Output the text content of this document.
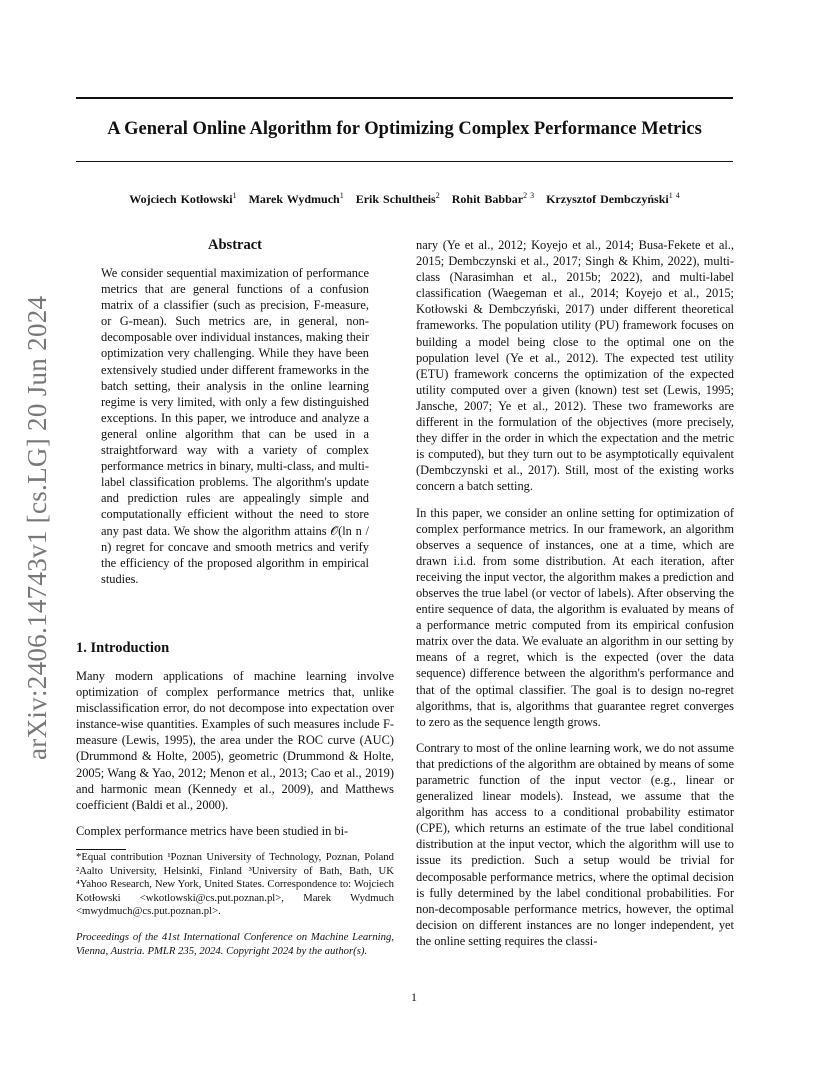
A General Online Algorithm for Optimizing Complex Performance Metrics
Wojciech Kotłowski$^1$ Marek Wydmuch$^1$ Erik Schultheis$^2$ Rohit Babbar$^{2 3}$ Krzysztof Dembczyński$^{1 4}$
arXiv:2406.14743v1 [cs.LG] 20 Jun 2024
Abstract
We consider sequential maximization of performance metrics that are general functions of a confusion matrix of a classifier (such as precision, F-measure, or G-mean). Such metrics are, in general, non-decomposable over individual instances, making their optimization very challenging. While they have been extensively studied under different frameworks in the batch setting, their analysis in the online learning regime is very limited, with only a few distinguished exceptions. In this paper, we introduce and analyze a general online algorithm that can be used in a straightforward way with a variety of complex performance metrics in binary, multi-class, and multi-label classification problems. The algorithm's update and prediction rules are appealingly simple and computationally efficient without the need to store any past data. We show the algorithm attains 𝒪(ln n / n) regret for concave and smooth metrics and verify the efficiency of the proposed algorithm in empirical studies.
1. Introduction

Many modern applications of machine learning involve optimization of complex performance metrics that, unlike misclassification error, do not decompose into expectation over instance-wise quantities. Examples of such measures include F-measure (Lewis, 1995), the area under the ROC curve (AUC) (Drummond & Holte, 2005), geometric (Drummond & Holte, 2005; Wang & Yao, 2012; Menon et al., 2013; Cao et al., 2019) and harmonic mean (Kennedy et al., 2009), and Matthews coefficient (Baldi et al., 2000).

Complex performance metrics have been studied in bi-

*Equal contribution ¹Poznan University of Technology, Poznan, Poland ²Aalto University, Helsinki, Finland ³University of Bath, Bath, UK ⁴Yahoo Research, New York, United States. Correspondence to: Wojciech Kotłowski <wkotlowski@cs.put.poznan.pl>, Marek Wydmuch <mwydmuch@cs.put.poznan.pl>.
Proceedings of the 41st International Conference on Machine Learning, Vienna, Austria. PMLR 235, 2024. Copyright 2024 by the author(s).

nary (Ye et al., 2012; Koyejo et al., 2014; Busa-Fekete et al., 2015; Dembczynski et al., 2017; Singh & Khim, 2022), multi-class (Narasimhan et al., 2015b; 2022), and multi-label classification (Waegeman et al., 2014; Koyejo et al., 2015; Kotłowski & Dembczyński, 2017) under different theoretical frameworks. The population utility (PU) framework focuses on building a model being close to the optimal one on the population level (Ye et al., 2012). The expected test utility (ETU) framework concerns the optimization of the expected utility computed over a given (known) test set (Lewis, 1995; Jansche, 2007; Ye et al., 2012). These two frameworks are different in the formulation of the objectives (more precisely, they differ in the order in which the expectation and the metric is computed), but they turn out to be asymptotically equivalent (Dembczynski et al., 2017). Still, most of the existing works concern a batch setting.

In this paper, we consider an online setting for optimization of complex performance metrics. In our framework, an algorithm observes a sequence of instances, one at a time, which are drawn i.i.d. from some distribution. At each iteration, after receiving the input vector, the algorithm makes a prediction and observes the true label (or vector of labels). After observing the entire sequence of data, the algorithm is evaluated by means of a performance metric computed from its empirical confusion matrix over the data. We evaluate an algorithm in our setting by means of a regret, which is the expected (over the data sequence) difference between the algorithm's performance and that of the optimal classifier. The goal is to design no-regret algorithms, that is, algorithms that guarantee regret converges to zero as the sequence length grows.

Contrary to most of the online learning work, we do not assume that predictions of the algorithm are obtained by means of some parametric function of the input vector (e.g., linear or generalized linear models). Instead, we assume that the algorithm has access to a conditional probability estimator (CPE), which returns an estimate of the true label conditional distribution at the input vector, which the algorithm will use to issue its prediction. Such a setup would be trivial for decomposable performance metrics, where the optimal decision is fully determined by the label conditional probabilities. For non-decomposable performance metrics, however, the optimal decision on different instances are no longer independent, yet the online setting requires the classi-

1
